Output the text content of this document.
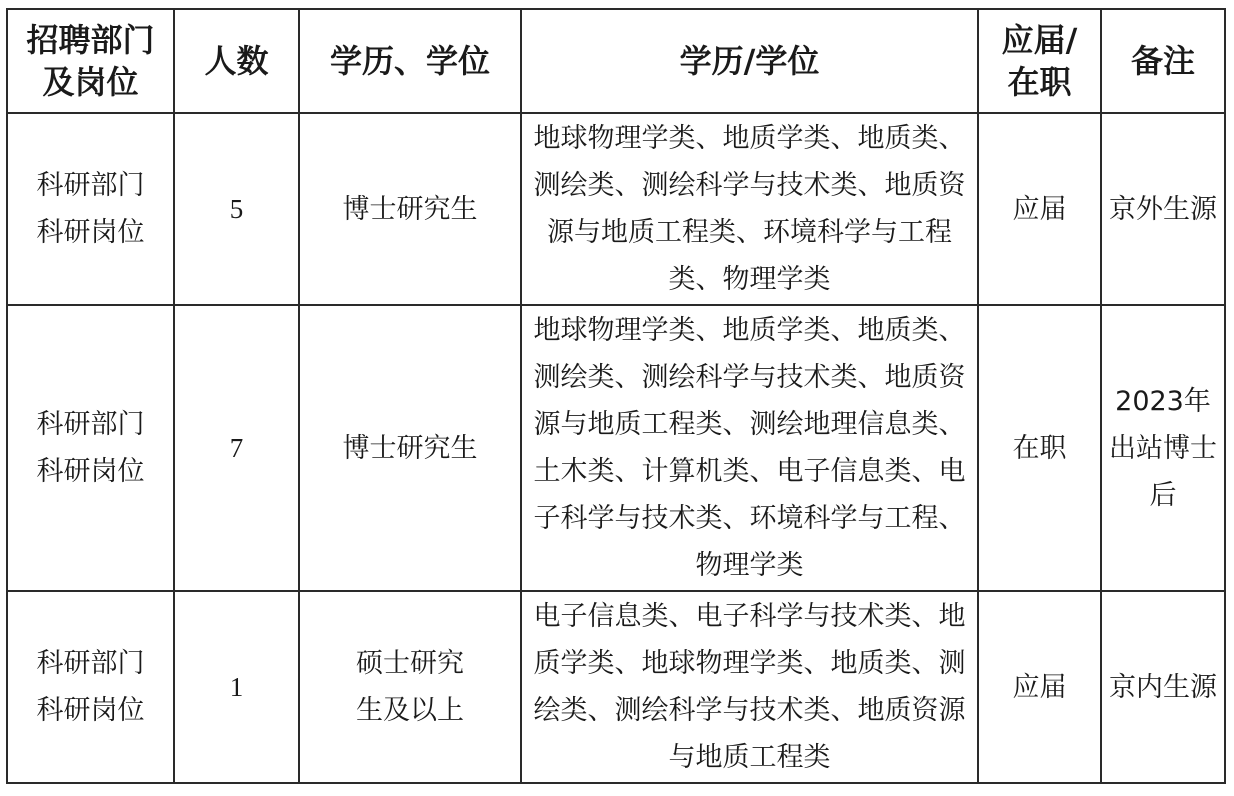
招聘部门及岗位	人数	学历、学位	学历/学位	应届/在职	备注
科研部门科研岗位	5	博士研究生	地球物理学类、地质学类、地质类、测绘类、测绘科学与技术类、地质资源与地质工程类、环境科学与工程类、物理学类	应届	京外生源
科研部门科研岗位	7	博士研究生	地球物理学类、地质学类、地质类、测绘类、测绘科学与技术类、地质资源与地质工程类、测绘地理信息类、土木类、计算机类、电子信息类、电子科学与技术类、环境科学与工程、物理学类	在职	2023年出站博士后
科研部门科研岗位	1	硕士研究生及以上	电子信息类、电子科学与技术类、地质学类、地球物理学类、地质类、测绘类、测绘科学与技术类、地质资源与地质工程类	应届	京内生源
